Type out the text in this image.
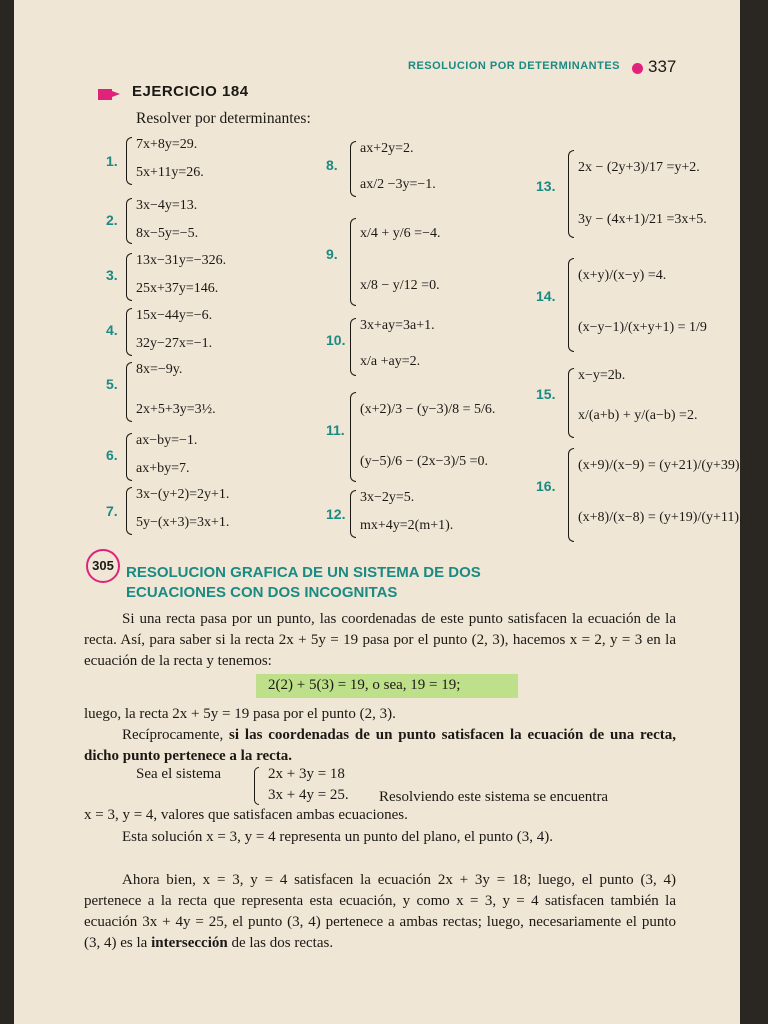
RESOLUCION POR DETERMINANTES 337
EJERCICIO 184
Resolver por determinantes:
1.
7x+8y=29.
5x+11y=26.
2.
3x−4y=13.
8x−5y=−5.
3.
13x−31y=−326.
25x+37y=146.
4.
15x−44y=−6.
32y−27x=−1.
5.
8x=−9y.
2x+5+3y=3½.
6.
ax−by=−1.
ax+by=7.
7.
3x−(y+2)=2y+1.
5y−(x+3)=3x+1.
8.
ax+2y=2.
ax/2 −3y=−1.
9.
x/4 + y/6 =−4.
x/8 − y/12 =0.
10.
3x+ay=3a+1.
x/a +ay=2.
11.
(x+2)/3 − (y−3)/8 = 5/6.
(y−5)/6 − (2x−3)/5 =0.
12.
3x−2y=5.
mx+4y=2(m+1).
13.
2x − (2y+3)/17 =y+2.
3y − (4x+1)/21 =3x+5.
14.
(x+y)/(x−y) =4.
(x−y−1)/(x+y+1) = 1/9
15.
x−y=2b.
x/(a+b) + y/(a−b) =2.
16.
(x+9)/(x−9) = (y+21)/(y+39)
(x+8)/(x−8) = (y+19)/(y+11).
305 RESOLUCION GRAFICA DE UN SISTEMA DE DOS
ECUACIONES CON DOS INCOGNITAS
Si una recta pasa por un punto, las coordenadas de este punto satisfacen la ecuación de la recta. Así, para saber si la recta 2x + 5y = 19 pasa por el punto (2, 3), hacemos x = 2, y = 3 en la ecuación de la recta y tenemos:
2(2) + 5(3) = 19, o sea, 19 = 19;
luego, la recta 2x + 5y = 19 pasa por el punto (2, 3).
Recíprocamente, si las coordenadas de un punto satisfacen la ecuación de una recta, dicho punto pertenece a la recta.
Sea el sistema	2x + 3y = 18
3x + 4y = 25. Resolviendo este sistema se encuentra
x = 3, y = 4, valores que satisfacen ambas ecuaciones.
Esta solución x = 3, y = 4 representa un punto del plano, el punto (3, 4).
Ahora bien, x = 3, y = 4 satisfacen la ecuación 2x + 3y = 18; luego, el punto (3, 4) pertenece a la recta que representa esta ecuación, y como x = 3, y = 4 satisfacen también la ecuación 3x + 4y = 25, el punto (3, 4) pertenece a ambas rectas; luego, necesariamente el punto (3, 4) es la intersección de las dos rectas.
